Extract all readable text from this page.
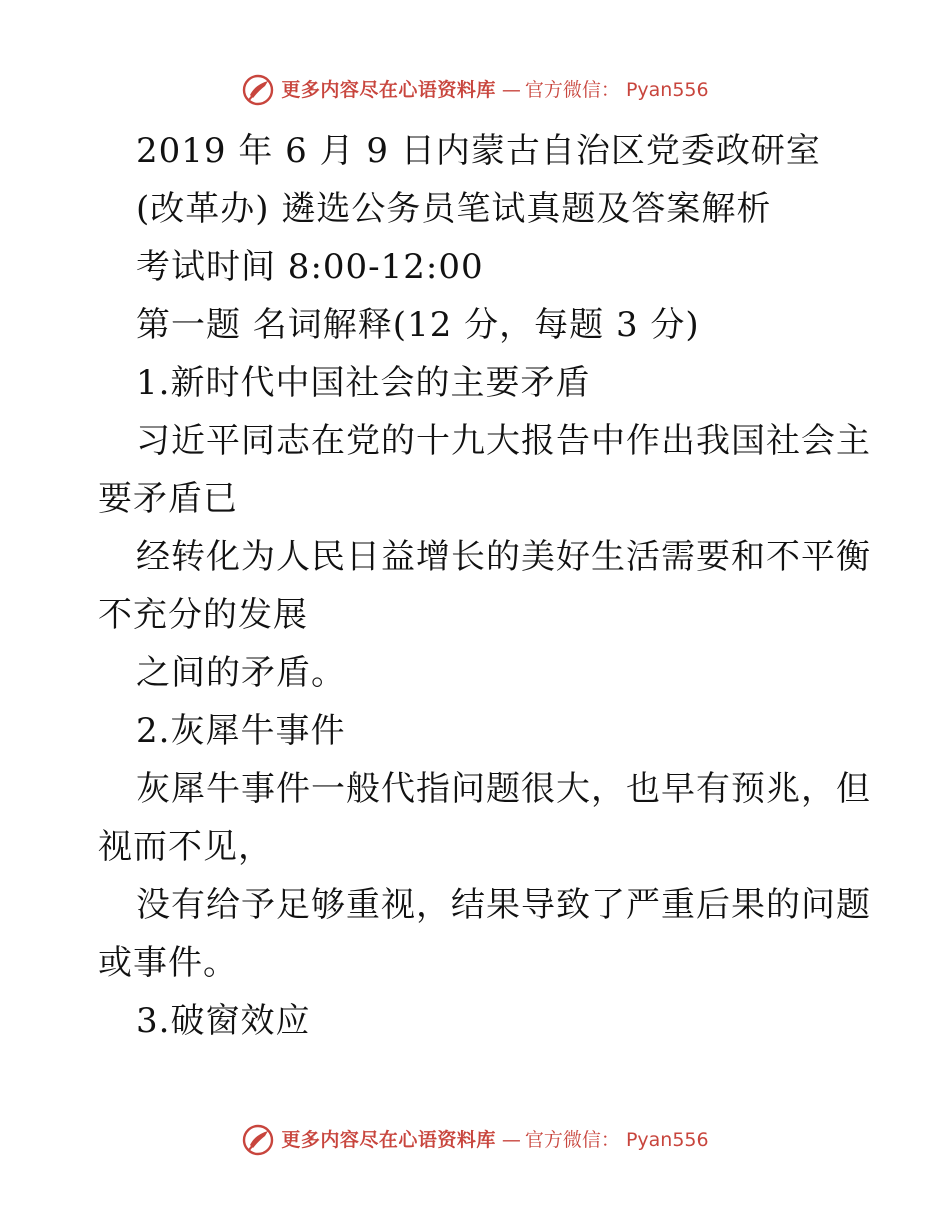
更多内容尽在心语资料库 — 官方微信： Pyan556
2019 年 6 月 9 日内蒙古自治区党委政研室
(改革办) 遴选公务员笔试真题及答案解析
考试时间 8:00-12:00
第一题 名词解释(12 分，每题 3 分)
1.新时代中国社会的主要矛盾
习近平同志在党的十九大报告中作出我国社会主
要矛盾已
经转化为人民日益增长的美好生活需要和不平衡
不充分的发展
之间的矛盾。
2.灰犀牛事件
灰犀牛事件一般代指问题很大，也早有预兆，但
视而不见，
没有给予足够重视，结果导致了严重后果的问题
或事件。
3.破窗效应
更多内容尽在心语资料库 — 官方微信： Pyan556
